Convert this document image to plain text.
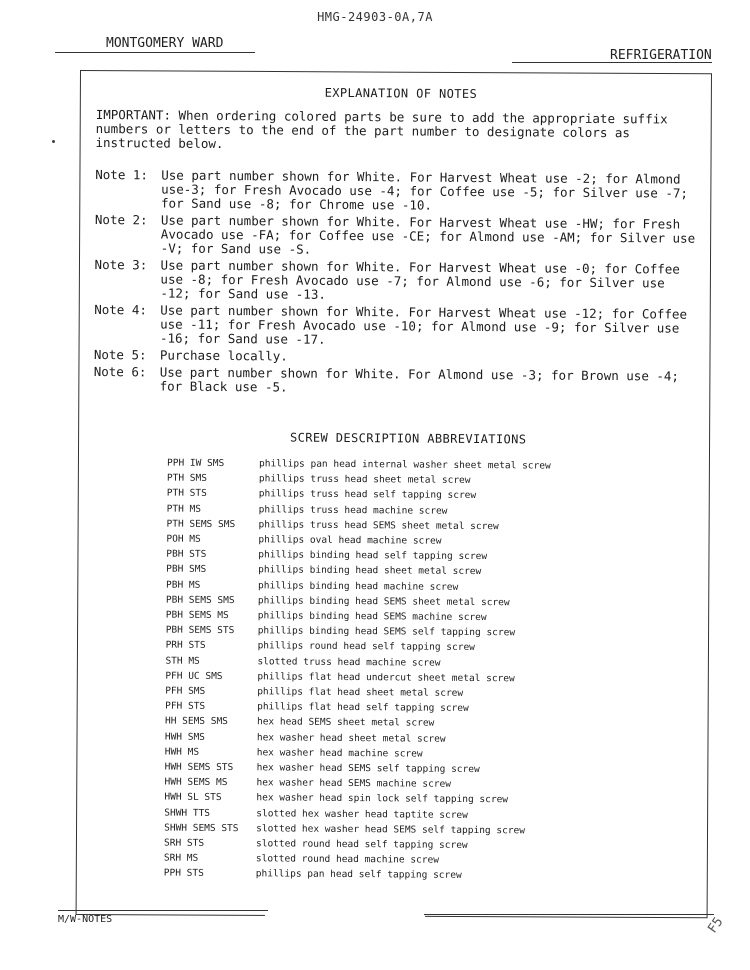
HMG-24903-0A,7A
MONTGOMERY WARD
REFRIGERATION
EXPLANATION OF NOTES
IMPORTANT: When ordering colored parts be sure to add the appropriate suffix numbers or letters to the end of the part number to designate colors as instructed below.
Note 1:	Use part number shown for White. For Harvest Wheat use -2; for Almond use-3; for Fresh Avocado use -4; for Coffee use -5; for Silver use -7; for Sand use -8; for Chrome use -10.
Note 2:	Use part number shown for White. For Harvest Wheat use -HW; for Fresh Avocado use -FA; for Coffee use -CE; for Almond use -AM; for Silver use -V; for Sand use -S.
Note 3:	Use part number shown for White. For Harvest Wheat use -0; for Coffee use -8; for Fresh Avocado use -7; for Almond use -6; for Silver use -12; for Sand use -13.
Note 4:	Use part number shown for White. For Harvest Wheat use -12; for Coffee use -11; for Fresh Avocado use -10; for Almond use -9; for Silver use -16; for Sand use -17.
Note 5:	Purchase locally.
Note 6:	Use part number shown for White. For Almond use -3; for Brown use -4; for Black use -5.
SCREW DESCRIPTION ABBREVIATIONS
PPH IW SMS	phillips pan head internal washer sheet metal screw
PTH SMS	phillips truss head sheet metal screw
PTH STS	phillips truss head self tapping screw
PTH MS	phillips truss head machine screw
PTH SEMS SMS	phillips truss head SEMS sheet metal screw
POH MS	phillips oval head machine screw
PBH STS	phillips binding head self tapping screw
PBH SMS	phillips binding head sheet metal screw
PBH MS	phillips binding head machine screw
PBH SEMS SMS	phillips binding head SEMS sheet metal screw
PBH SEMS MS	phillips binding head SEMS machine screw
PBH SEMS STS	phillips binding head SEMS self tapping screw
PRH STS	phillips round head self tapping screw
STH MS	slotted truss head machine screw
PFH UC SMS	phillips flat head undercut sheet metal screw
PFH SMS	phillips flat head sheet metal screw
PFH STS	phillips flat head self tapping screw
HH SEMS SMS	hex head SEMS sheet metal screw
HWH SMS	hex washer head sheet metal screw
HWH MS	hex washer head machine screw
HWH SEMS STS	hex washer head SEMS self tapping screw
HWH SEMS MS	hex washer head SEMS machine screw
HWH SL STS	hex washer head spin lock self tapping screw
SHWH TTS	slotted hex washer head taptite screw
SHWH SEMS STS	slotted hex washer head SEMS self tapping screw
SRH STS	slotted round head self tapping screw
SRH MS	slotted round head machine screw
PPH STS	phillips pan head self tapping screw
M/W-NOTES	F5
